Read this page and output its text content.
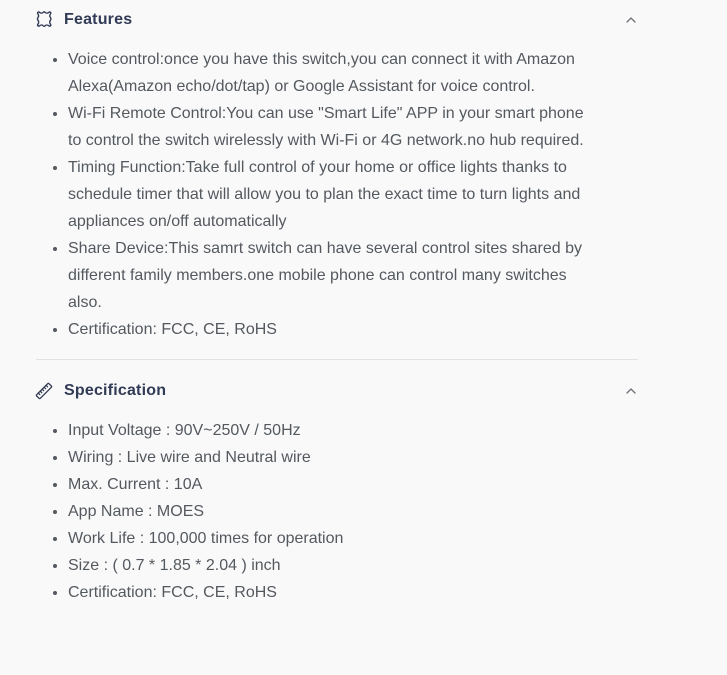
Features
• Voice control:once you have this switch,you can connect it with Amazon Alexa(Amazon echo/dot/tap) or Google Assistant for voice control.
• Wi-Fi Remote Control:You can use "Smart Life" APP in your smart phone to control the switch wirelessly with Wi-Fi or 4G network.no hub required.
• Timing Function:Take full control of your home or office lights thanks to schedule timer that will allow you to plan the exact time to turn lights and appliances on/off automatically
• Share Device:This samrt switch can have several control sites shared by different family members.one mobile phone can control many switches also.
• Certification: FCC, CE, RoHS
Specification
• Input Voltage : 90V~250V / 50Hz
• Wiring : Live wire and Neutral wire
• Max. Current : 10A
• App Name : MOES
• Work Life : 100,000 times for operation
• Size : ( 0.7 * 1.85 * 2.04 ) inch
• Certification: FCC, CE, RoHS
